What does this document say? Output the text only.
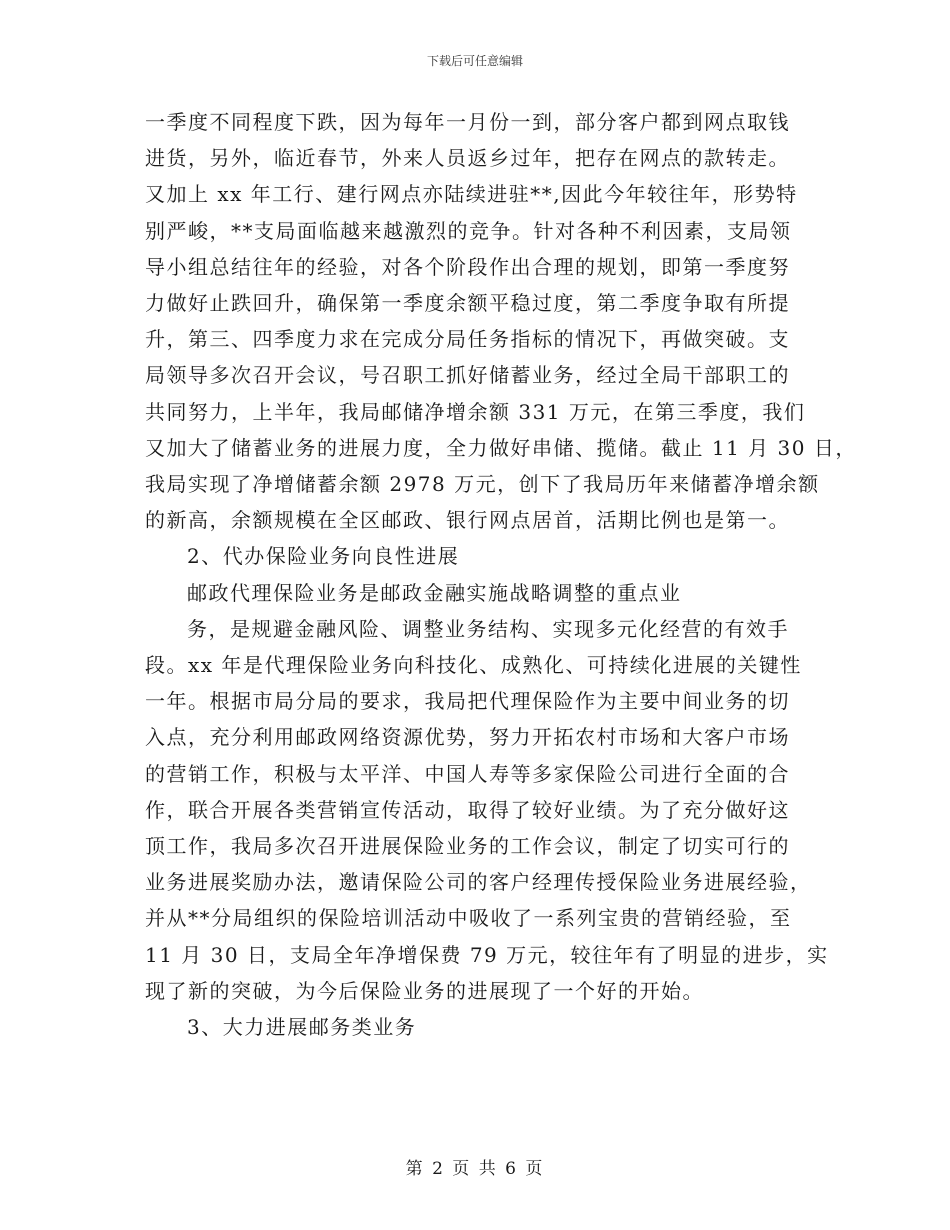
下载后可任意编辑
一季度不同程度下跌，因为每年一月份一到，部分客户都到网点取钱
进货，另外，临近春节，外来人员返乡过年，把存在网点的款转走。
又加上 xx 年工行、建行网点亦陆续进驻**,因此今年较往年，形势特
别严峻，**支局面临越来越激烈的竞争。针对各种不利因素，支局领
导小组总结往年的经验，对各个阶段作出合理的规划，即第一季度努
力做好止跌回升，确保第一季度余额平稳过度，第二季度争取有所提
升，第三、四季度力求在完成分局任务指标的情况下，再做突破。支
局领导多次召开会议，号召职工抓好储蓄业务，经过全局干部职工的
共同努力，上半年，我局邮储净增余额 331 万元，在第三季度，我们
又加大了储蓄业务的进展力度，全力做好串储、揽储。截止 11 月 30 日，
我局实现了净增储蓄余额 2978 万元，创下了我局历年来储蓄净增余额
的新高，余额规模在全区邮政、银行网点居首，活期比例也是第一。
2、代办保险业务向良性进展
邮政代理保险业务是邮政金融实施战略调整的重点业
务，是规避金融风险、调整业务结构、实现多元化经营的有效手
段。xx 年是代理保险业务向科技化、成熟化、可持续化进展的关键性
一年。根据市局分局的要求，我局把代理保险作为主要中间业务的切
入点，充分利用邮政网络资源优势，努力开拓农村市场和大客户市场
的营销工作，积极与太平洋、中国人寿等多家保险公司进行全面的合
作，联合开展各类营销宣传活动，取得了较好业绩。为了充分做好这
顶工作，我局多次召开进展保险业务的工作会议，制定了切实可行的
业务进展奖励办法，邀请保险公司的客户经理传授保险业务进展经验，
并从**分局组织的保险培训活动中吸收了一系列宝贵的营销经验，至
11 月 30 日，支局全年净增保费 79 万元，较往年有了明显的进步，实
现了新的突破，为今后保险业务的进展现了一个好的开始。
3、大力进展邮务类业务
第 2 页 共 6 页
